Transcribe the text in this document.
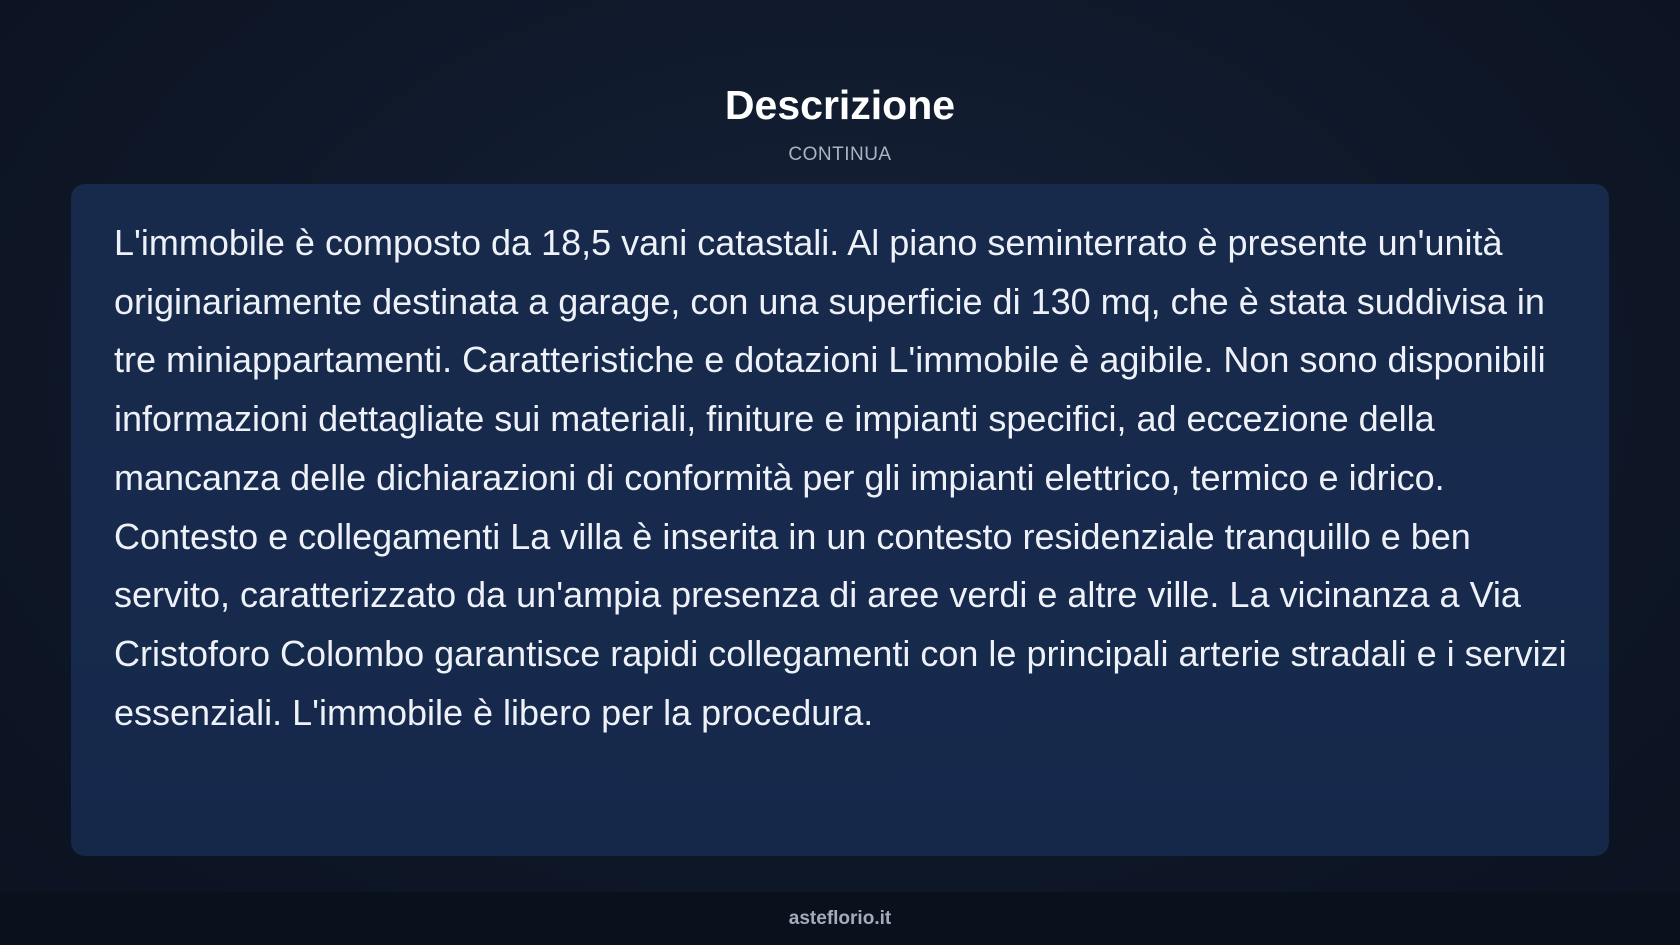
Descrizione
CONTINUA

L'immobile è composto da 18,5 vani catastali. Al piano seminterrato è presente un'unità originariamente destinata a garage, con una superficie di 130 mq, che è stata suddivisa in tre miniappartamenti. Caratteristiche e dotazioni L'immobile è agibile. Non sono disponibili informazioni dettagliate sui materiali, finiture e impianti specifici, ad eccezione della mancanza delle dichiarazioni di conformità per gli impianti elettrico, termico e idrico. Contesto e collegamenti La villa è inserita in un contesto residenziale tranquillo e ben servito, caratterizzato da un'ampia presenza di aree verdi e altre ville. La vicinanza a Via Cristoforo Colombo garantisce rapidi collegamenti con le principali arterie stradali e i servizi essenziali. L'immobile è libero per la procedura.

asteflorio.it
